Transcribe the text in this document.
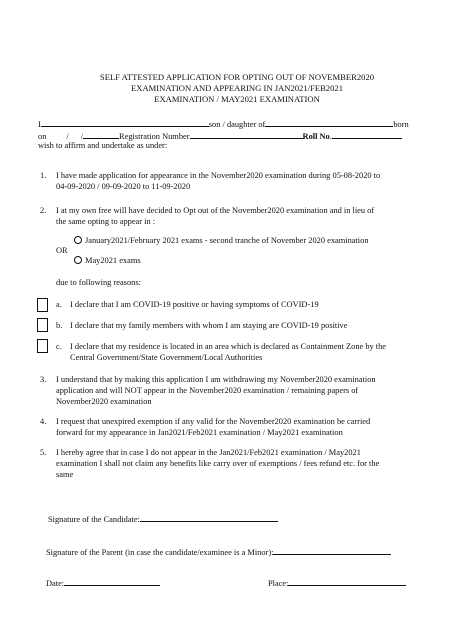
SELF ATTESTED APPLICATION FOR OPTING OUT OF NOVEMBER2020
EXAMINATION AND APPEARING IN JAN2021/FEB2021
EXAMINATION / MAY2021 EXAMINATION
I	son / daughter of	born
on / /	Registration Number	Roll No.
wish to affirm and undertake as under:
1. I have made application for appearance in the November2020 examination during 05-08-2020 to
04-09-2020 / 09-09-2020 to 11-09-2020
2. I at my own free will have decided to Opt out of the November2020 examination and in lieu of
the same opting to appear in :
January2021/February 2021 exams - second tranche of November 2020 examination
OR
May2021 exams
due to following reasons:
a. I declare that I am COVID-19 positive or having symptoms of COVID-19
b. I declare that my family members with whom I am staying are COVID-19 positive
c. I declare that my residence is located in an area which is declared as Containment Zone by the
Central Government/State Government/Local Authorities
3. I understand that by making this application I am withdrawing my November2020 examination
application and will NOT appear in the November2020 examination / remaining papers of
November2020 examination
4. I request that unexpired exemption if any valid for the November2020 examination be carried
forward for my appearance in Jan2021/Feb2021 examination / May2021 examination
5. I hereby agree that in case I do not appear in the Jan2021/Feb2021 examination / May2021
examination I shall not claim any benefits like carry over of exemptions / fees refund etc. for the
same
Signature of the Candidate:
Signature of the Parent (in case the candidate/examinee is a Minor):
Date:	Place:
